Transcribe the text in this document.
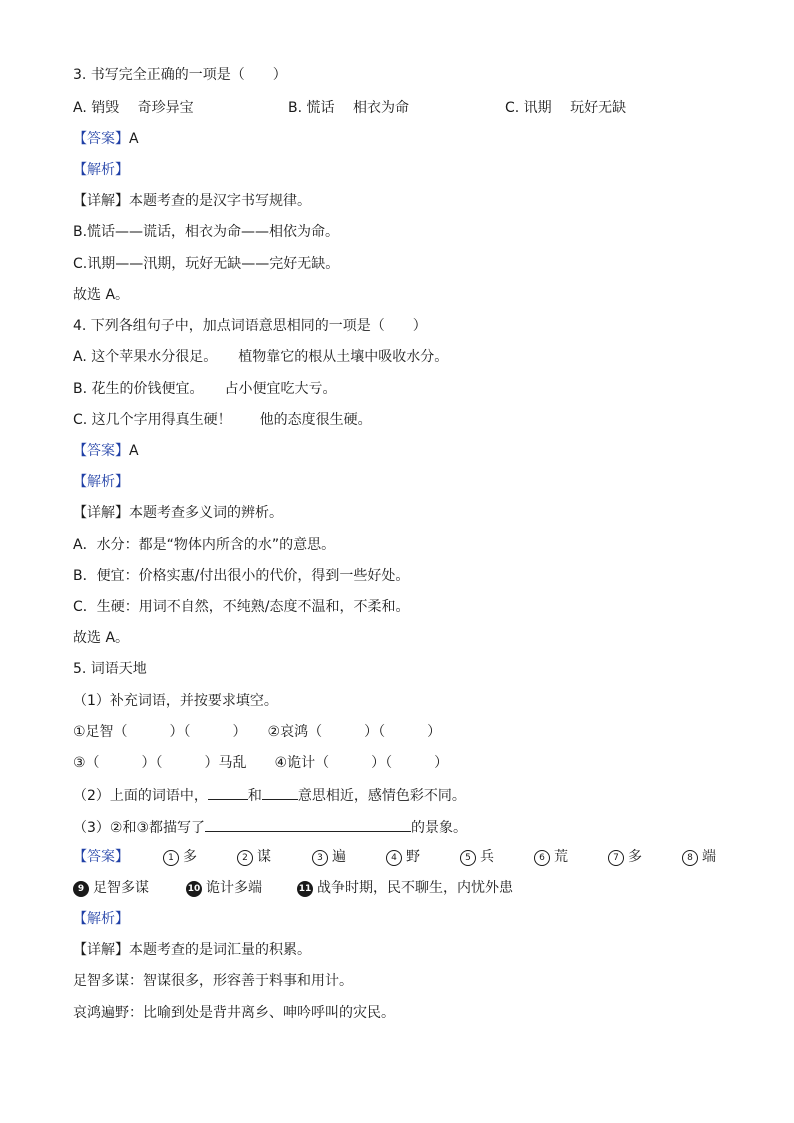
3. 书写完全正确的一项是（　　）
A. 销毁　 奇珍异宝	B. 慌话　 相衣为命	C. 讯期　 玩好无缺
【答案】A
【解析】
【详解】本题考查的是汉字书写规律。
B.慌话——谎话，相衣为命——相依为命。
C.讯期——汛期，玩好无缺——完好无缺。
故选 A。
4. 下列各组句子中，加点词语意思相同的一项是（　　）
A. 这个苹果水分很足。　　植物靠它的根从土壤中吸收水分。
B. 花生的价钱便宜。　　占小便宜吃大亏。
C. 这几个字用得真生硬！　　他的态度很生硬。
【答案】A
【解析】
【详解】本题考查多义词的辨析。
A．水分：都是“物体内所含的水”的意思。
B．便宜：价格实惠/付出很小的代价，得到一些好处。
C．生硬：用词不自然，不纯熟/态度不温和，不柔和。
故选 A。
5. 词语天地
（1）补充词语，并按要求填空。
①足智（　　　）（　　　）　　②哀鸿（　　　）（　　　）
③（　　　）（　　　）马乱　　④诡计（　　　）（　　　）
（2）上面的词语中，	和	意思相近，感情色彩不同。
（3）②和③都描写了	的景象。
【答案】	1 多	2 谋	3 遍	4 野	5 兵	6 荒	7 多	8 端
9 足智多谋	10 诡计多端	11 战争时期，民不聊生，内忧外患
【解析】
【详解】本题考查的是词汇量的积累。
足智多谋：智谋很多，形容善于料事和用计。
哀鸿遍野：比喻到处是背井离乡、呻吟呼叫的灾民。
